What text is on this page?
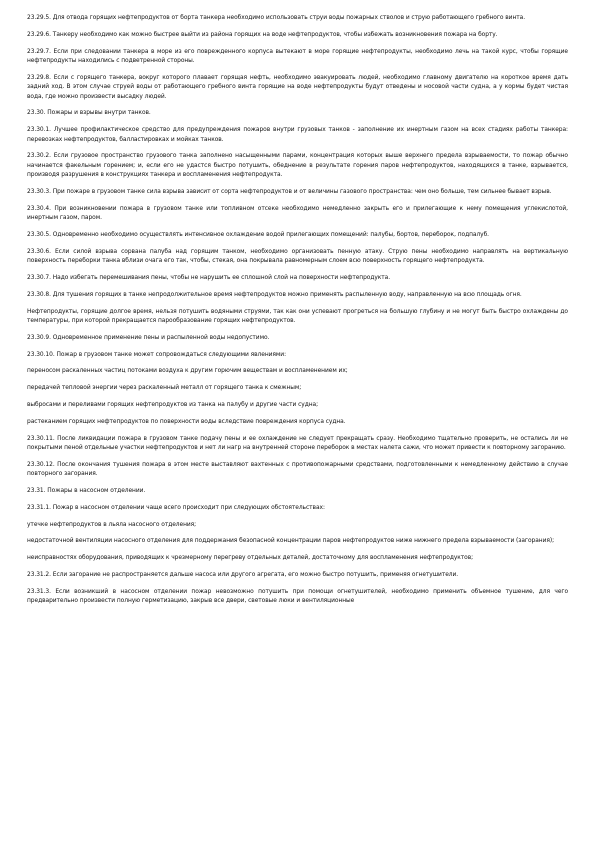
23.29.5. Для отвода горящих нефтепродуктов от борта танкера необходимо использовать струи воды пожарных стволов и струю работающего гребного винта.

23.29.6. Танкеру необходимо как можно быстрее выйти из района горящих на воде нефтепродуктов, чтобы избежать возникновения пожара на борту.

23.29.7. Если при следовании танкера в море из его поврежденного корпуса вытекают в море горящие нефтепродукты, необходимо лечь на такой курс, чтобы горящие нефтепродукты находились с подветренной стороны.

23.29.8. Если с горящего танкера, вокруг которого плавает горящая нефть, необходимо эвакуировать людей, необходимо главному двигателю на короткое время дать задний ход. В этом случае струей воды от работающего гребного винта горящие на воде нефтепродукты будут отведены и носовой части судна, а у кормы будет чистая вода, где можно произвести высадку людей.

23.30. Пожары и взрывы внутри танков.

23.30.1. Лучшее профилактическое средство для предупреждения пожаров внутри грузовых танков - заполнение их инертным газом на всех стадиях работы танкера: перевозках нефтепродуктов, балластировках и мойках танков.

23.30.2. Если грузовое пространство грузового танка заполнено насыщенными парами, концентрация которых выше верхнего предела взрываемости, то пожар обычно начинается факельным горением; и, если его не удастся быстро потушить, обеднение в результате горения паров нефтепродуктов, находящихся в танке, взрывается, производя разрушения в конструкциях танкера и воспламенения нефтепродукта.

23.30.3. При пожаре в грузовом танке сила взрыва зависит от сорта нефтепродуктов и от величины газового пространства: чем оно больше, тем сильнее бывает взрыв.

23.30.4. При возникновении пожара в грузовом танке или топливном отсеке необходимо немедленно закрыть его и прилегающие к нему помещения углекислотой, инертным газом, паром.

23.30.5. Одновременно необходимо осуществлять интенсивное охлаждение водой прилегающих помещений: палубы, бортов, переборок, подпалуб.

23.30.6. Если силой взрыва сорвана палуба над горящим танком, необходимо организовать пенную атаку. Струю пены необходимо направлять на вертикальную поверхность переборки танка вблизи очага его так, чтобы, стекая, она покрывала равномерным слоем всю поверхность горящего нефтепродукта.

23.30.7. Надо избегать перемешивания пены, чтобы не нарушить ее сплошной слой на поверхности нефтепродукта.

23.30.8. Для тушения горящих в танке непродолжительное время нефтепродуктов можно применять распыленную воду, направленную на всю площадь огня.

Нефтепродукты, горящие долгое время, нельзя потушить водяными струями, так как они успевают прогреться на большую глубину и не могут быть быстро охлаждены до температуры, при которой прекращается парообразование горящих нефтепродуктов.

23.30.9. Одновременное применение пены и распыленной воды недопустимо.

23.30.10. Пожар в грузовом танке может сопровождаться следующими явлениями:

переносом раскаленных частиц потоками воздуха к другим горючим веществам и воспламенением их;

передачей тепловой энергии через раскаленный металл от горящего танка к смежным;

выбросами и переливами горящих нефтепродуктов из танка на палубу и другие части судна;

растеканием горящих нефтепродуктов по поверхности воды вследствие повреждения корпуса судна.

23.30.11. После ликвидации пожара в грузовом танке подачу пены и ее охлаждение не следует прекращать сразу. Необходимо тщательно проверить, не остались ли не покрытыми пеной отдельные участки нефтепродуктов и нет ли нагр на внутренней стороне переборок в местах налета сажи, что может привести к повторному загоранию.

23.30.12. После окончания тушения пожара в этом месте выставляют вахтенных с противопожарными средствами, подготовленными к немедленному действию в случае повторного загорания.

23.31. Пожары в насосном отделении.

23.31.1. Пожар в насосном отделении чаще всего происходит при следующих обстоятельствах:

утечке нефтепродуктов в льяла насосного отделения;

недостаточной вентиляции насосного отделения для поддержания безопасной концентрации паров нефтепродуктов ниже нижнего предела взрываемости (загорания);

неисправностях оборудования, приводящих к чрезмерному перегреву отдельных деталей, достаточному для воспламенения нефтепродуктов;

23.31.2. Если загорание не распространяется дальше насоса или другого агрегата, его можно быстро потушить, применяя огнетушители.

23.31.3. Если возникший в насосном отделении пожар невозможно потушить при помощи огнетушителей, необходимо применить объемное тушение, для чего предварительно произвести полную герметизацию, закрыв все двери, световые люки и вентиляционные
